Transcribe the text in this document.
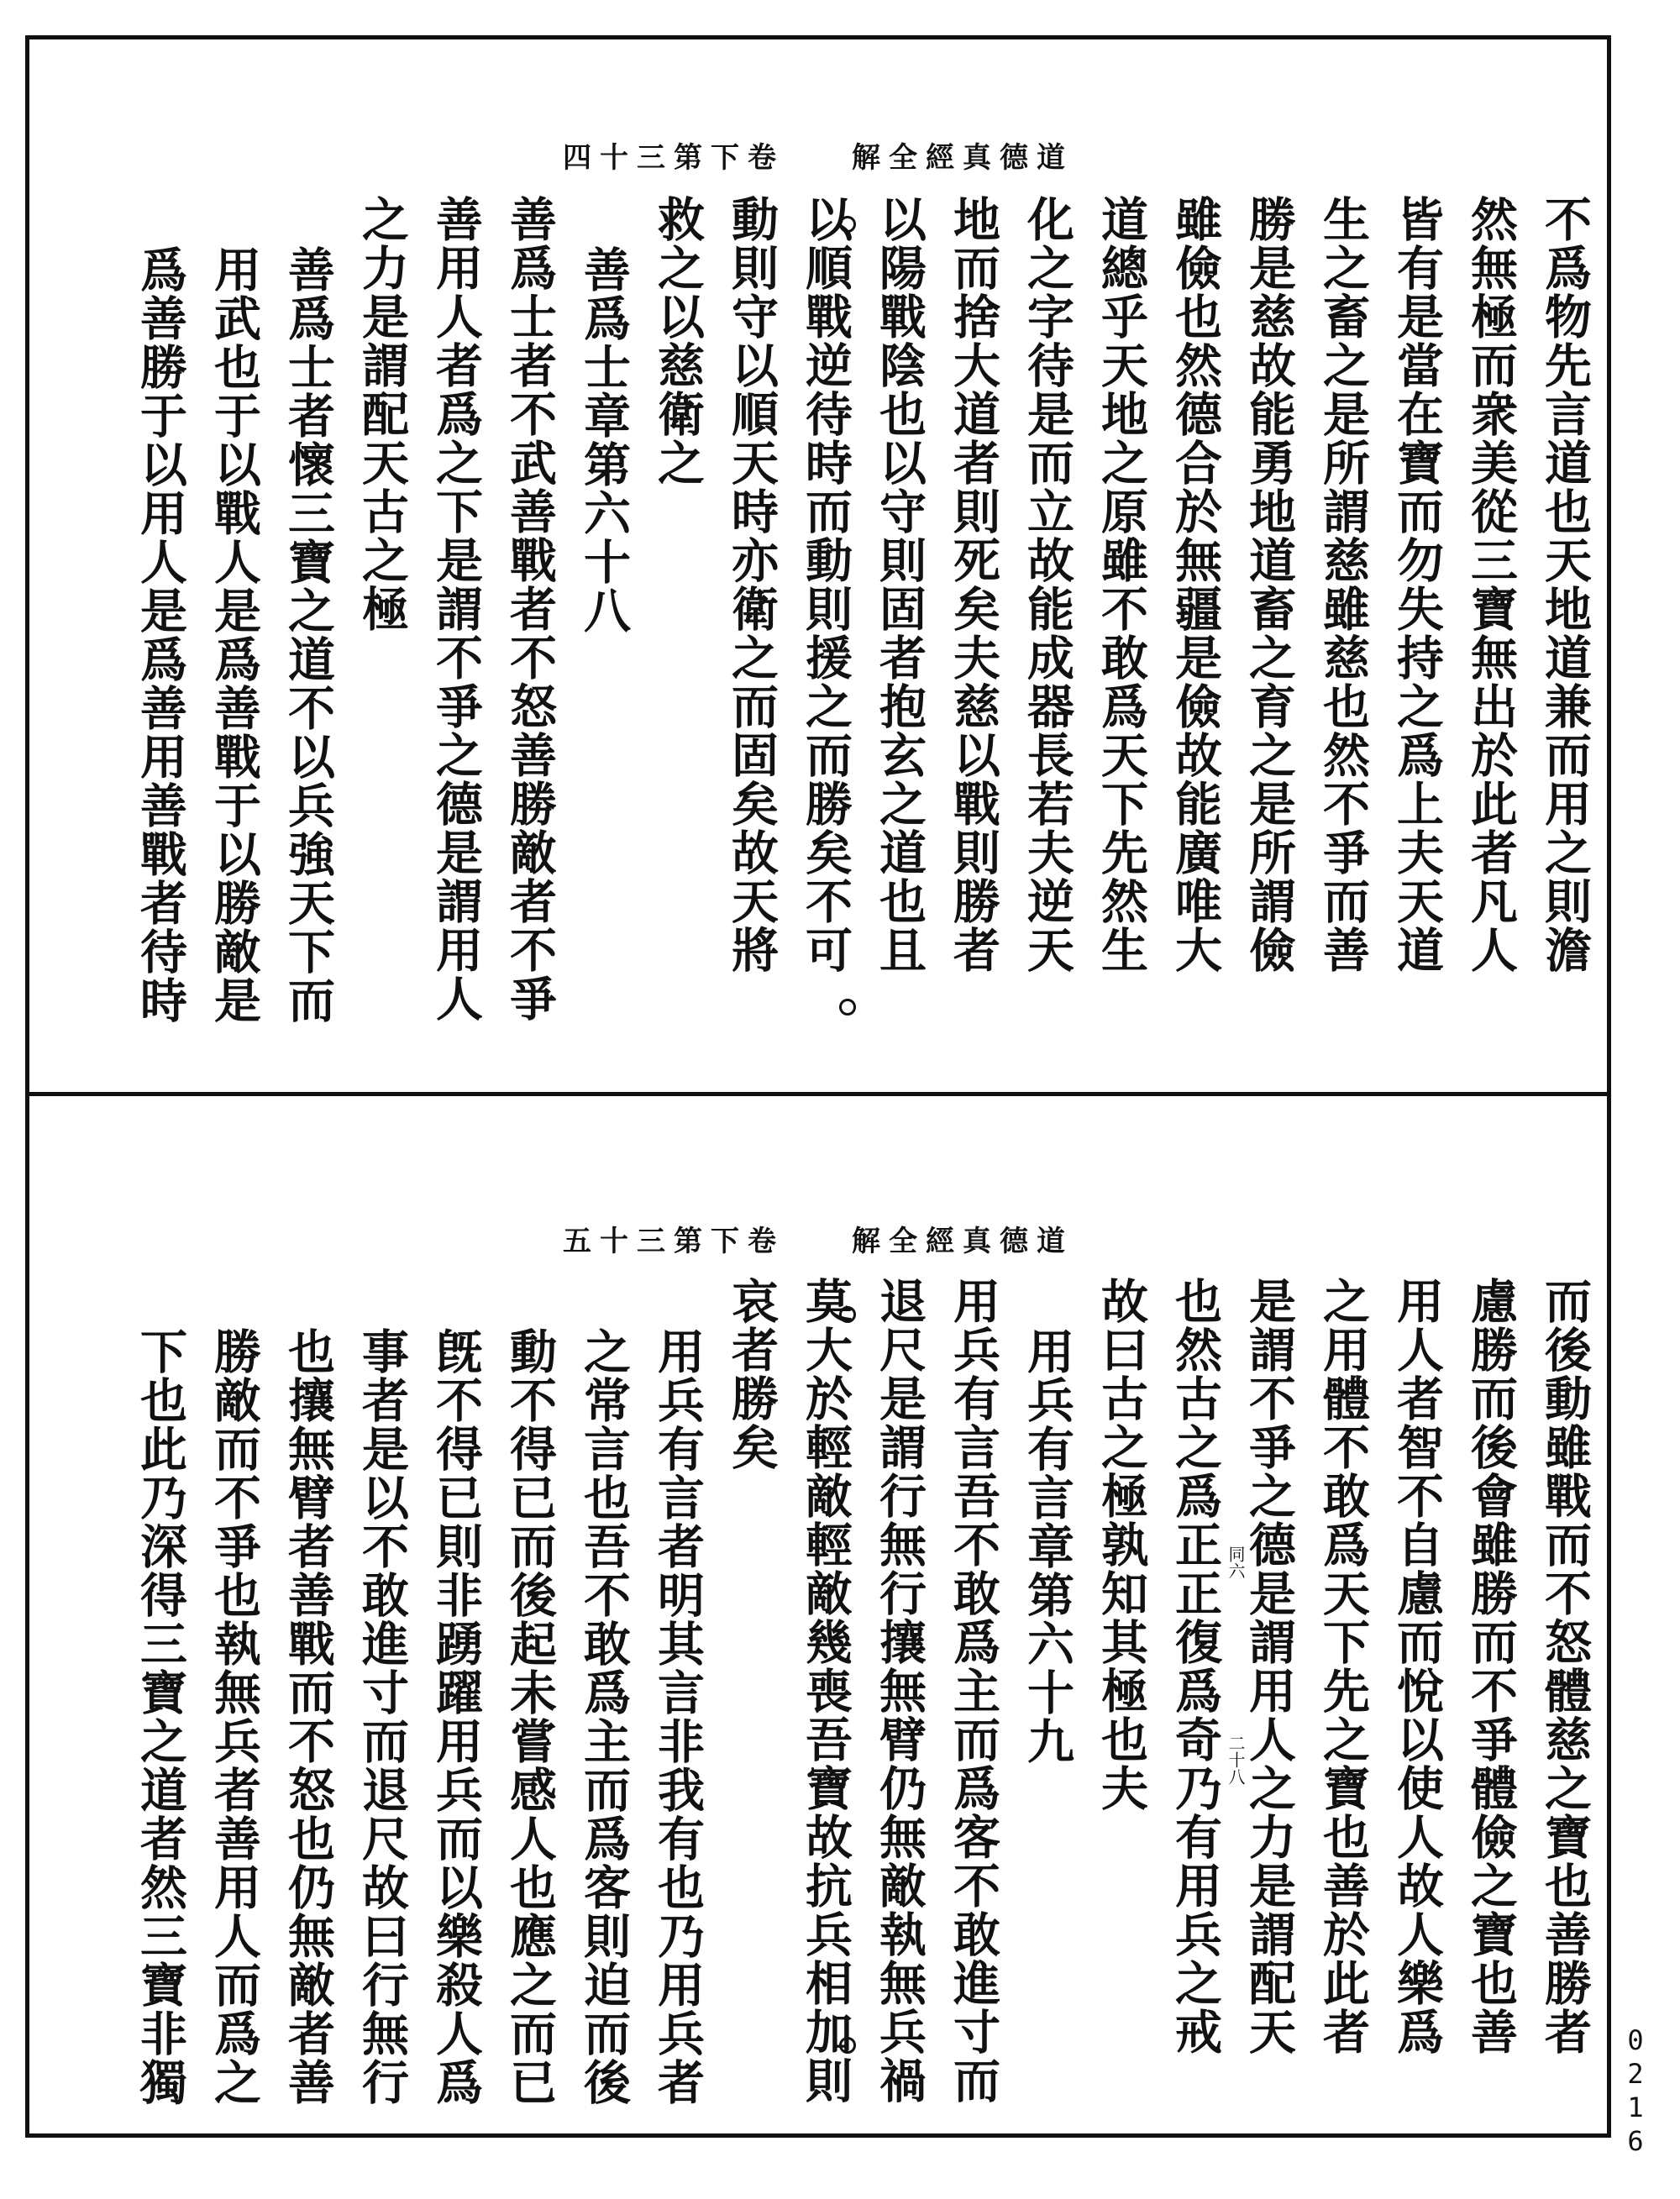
道德真經全解卷下第三十四
不爲物先言道也天地道兼而用之則澹
然無極而衆美從三寶無出於此者凡人
皆有是當在寶而勿失持之爲上夫天道
生之畜之是所謂慈雖慈也然不爭而善
勝是慈故能勇地道畜之育之是所謂儉
雖儉也然德合於無疆是儉故能廣唯大
道總乎天地之原雖不敢爲天下先然生
化之字待是而立故能成器長若夫逆天
地而捨大道者則死矣夫慈以戰則勝者
以陽戰陰也以守則固者抱玄之道也且
以順戰逆待時而動則援之而勝矣不可
動則守以順天時亦衛之而固矣故天將
救之以慈衛之
善爲士章第六十八
善爲士者不武善戰者不怒善勝敵者不爭
善用人者爲之下是謂不爭之德是謂用人
之力是謂配天古之極
善爲士者懷三寶之道不以兵強天下而
用武也于以戰人是爲善戰于以勝敵是
爲善勝于以用人是爲善用善戰者待時
道德真經全解卷下第三十五
而後動雖戰而不怒體慈之寶也善勝者
慮勝而後會雖勝而不爭體儉之寶也善
用人者智不自慮而悅以使人故人樂爲
之用體不敢爲天下先之寶也善於此者
是謂不爭之德是謂用人之力是謂配天
也然古之爲正正復爲奇乃有用兵之戒
故曰古之極孰知其極也夫
用兵有言章第六十九
用兵有言吾不敢爲主而爲客不敢進寸而
退尺是謂行無行攘無臂仍無敵執無兵禍
莫大於輕敵輕敵幾喪吾寶故抗兵相加則
哀者勝矣
用兵有言者明其言非我有也乃用兵者
之常言也吾不敢爲主而爲客則迫而後
動不得已而後起未嘗感人也應之而已
旣不得已則非踴躍用兵而以樂殺人爲
事者是以不敢進寸而退尺故曰行無行
也攘無臂者善戰而不怒也仍無敵者善
勝敵而不爭也執無兵者善用人而爲之
下也此乃深得三寶之道者然三寶非獨	同六
二十八
0216
